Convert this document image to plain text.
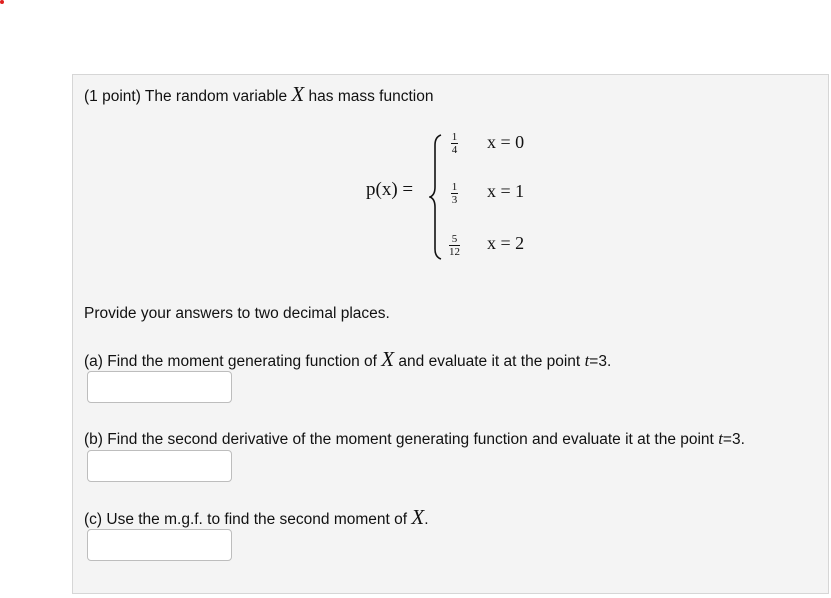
(1 point) The random variable X has mass function
p(x) =
1
4 x = 0
1
3 x = 1
5
12 x = 2
Provide your answers to two decimal places.
(a) Find the moment generating function of X and evaluate it at the point t=3.
(b) Find the second derivative of the moment generating function and evaluate it at the point t=3.
(c) Use the m.g.f. to find the second moment of X.
